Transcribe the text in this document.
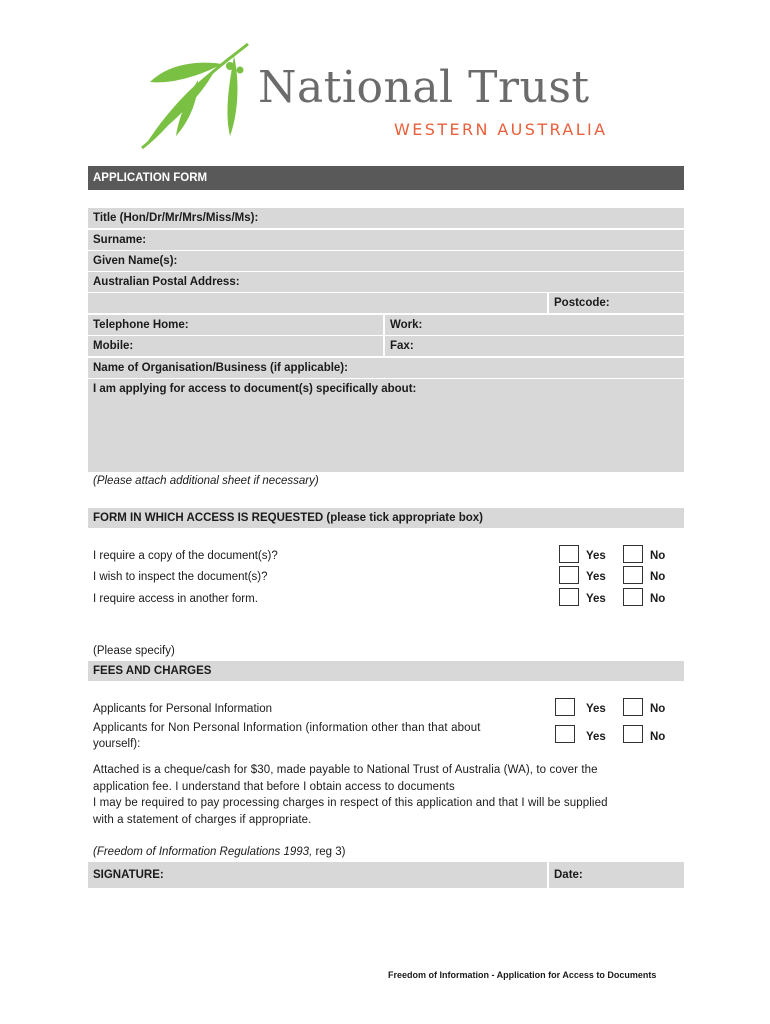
National Trust
WESTERN AUSTRALIA
APPLICATION FORM
Title (Hon/Dr/Mr/Mrs/Miss/Ms):
Surname:
Given Name(s):
Australian Postal Address:
Postcode:
Telephone Home:	Work:
Mobile:	Fax:
Name of Organisation/Business (if applicable):
I am applying for access to document(s) specifically about:
(Please attach additional sheet if necessary)
FORM IN WHICH ACCESS IS REQUESTED (please tick appropriate box)
I require a copy of the document(s)?	Yes	No
I wish to inspect the document(s)?	Yes	No
I require access in another form.	Yes	No
(Please specify)
FEES AND CHARGES
Applicants for Personal Information	Yes	No
Applicants for Non Personal Information (information other than that about
yourself):
Yes	No
Attached is a cheque/cash for $30, made payable to National Trust of Australia (WA), to cover the
application fee. I understand that before I obtain access to documents
I may be required to pay processing charges in respect of this application and that I will be supplied
with a statement of charges if appropriate.
(Freedom of Information Regulations 1993, reg 3)
SIGNATURE:	Date:
Freedom of Information - Application for Access to Documents
